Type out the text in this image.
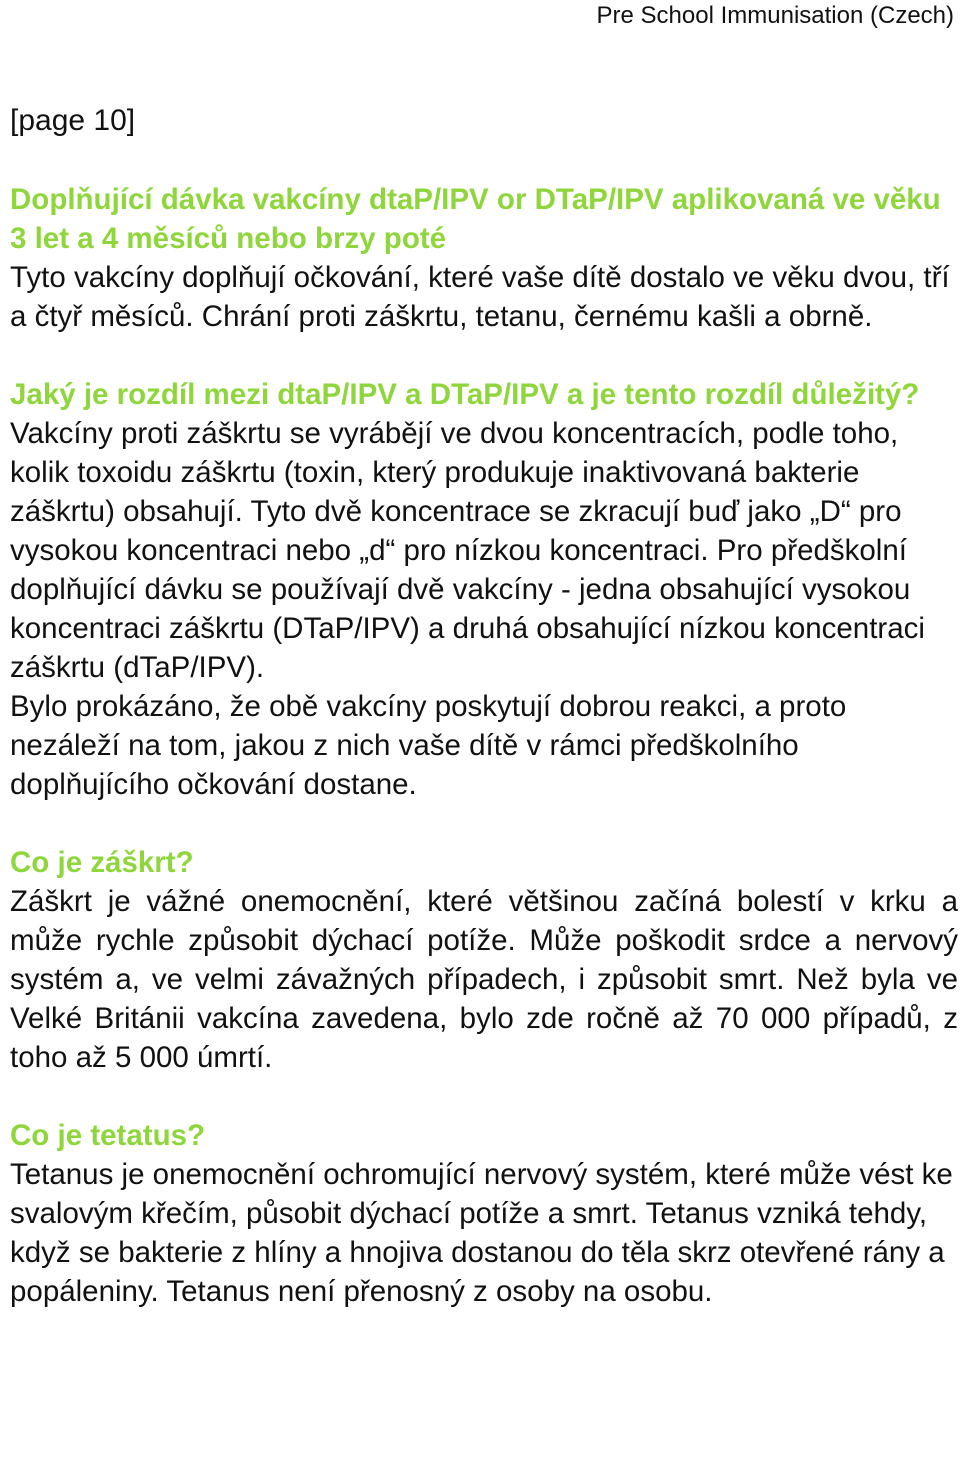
Pre School Immunisation (Czech)
[page 10]

Doplňující dávka vakcíny dtaP/IPV or DTaP/IPV aplikovaná ve věku 3 let a 4 měsíců nebo brzy poté

Tyto vakcíny doplňují očkování, které vaše dítě dostalo ve věku dvou, tří a čtyř měsíců. Chrání proti záškrtu, tetanu, černému kašli a obrně.

Jaký je rozdíl mezi dtaP/IPV a DTaP/IPV a je tento rozdíl důležitý?

Vakcíny proti záškrtu se vyrábějí ve dvou koncentracích, podle toho, kolik toxoidu záškrtu (toxin, který produkuje inaktivovaná bakterie záškrtu) obsahují. Tyto dvě koncentrace se zkracují buď jako „D“ pro vysokou koncentraci nebo „d“ pro nízkou koncentraci. Pro předškolní doplňující dávku se používají dvě vakcíny - jedna obsahující vysokou koncentraci záškrtu (DTaP/IPV) a druhá obsahující nízkou koncentraci záškrtu (dTaP/IPV).

Bylo prokázáno, že obě vakcíny poskytují dobrou reakci, a proto nezáleží na tom, jakou z nich vaše dítě v rámci předškolního doplňujícího očkování dostane.

Co je záškrt?

Záškrt je vážné onemocnění, které většinou začíná bolestí v krku a může rychle způsobit dýchací potíže. Může poškodit srdce a nervový systém a, ve velmi závažných případech, i způsobit smrt. Než byla ve Velké Británii vakcína zavedena, bylo zde ročně až 70 000 případů, z toho až 5 000 úmrtí.

Co je tetatus?

Tetanus je onemocnění ochromující nervový systém, které může vést ke svalovým křečím, působit dýchací potíže a smrt. Tetanus vzniká tehdy, když se bakterie z hlíny a hnojiva dostanou do těla skrz otevřené rány a popáleniny. Tetanus není přenosný z osoby na osobu.
